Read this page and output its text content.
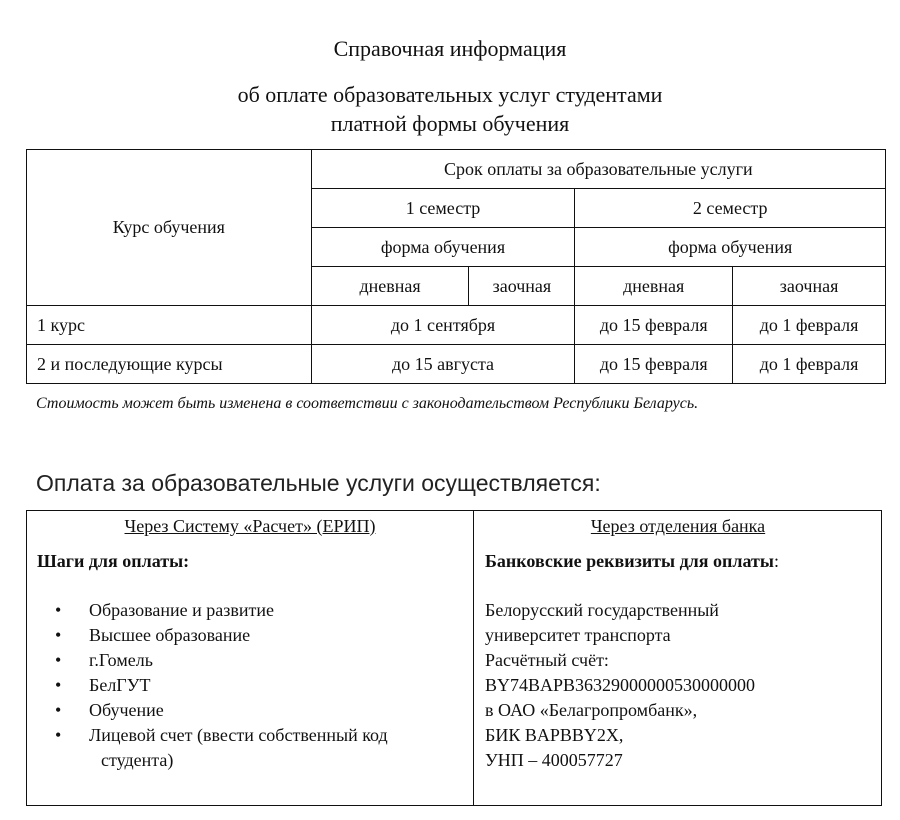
Справочная информация
об оплате образовательных услуг студентами
платной формы обучения
Курс обучения	Срок оплаты за образовательные услуги			
	1 семестр		2 семестр	
	форма обучения		форма обучения	
	дневная	заочная	дневная	заочная
1 курс	до 1 сентября		до 15 февраля	до 1 февраля
2 и последующие курсы	до 15 августа		до 15 февраля	до 1 февраля
Стоимость может быть изменена в соответствии с законодательством Республики Беларусь.
Оплата за образовательные услуги осуществляется:
Через Систему «Расчет» (ЕРИП)
Шаги для оплаты:
• Образование и развитие
• Высшее образование
• г.Гомель
• БелГУТ
• Обучение
• Лицевой счет (ввести собственный код
студента)
Через отделения банка
Банковские реквизиты для оплаты:
Белорусский государственный
университет транспорта
Расчётный счёт:
BY74BAPB36329000000530000000
в ОАО «Белагропромбанк»,
БИК BAPBBY2X,
УНП – 400057727
